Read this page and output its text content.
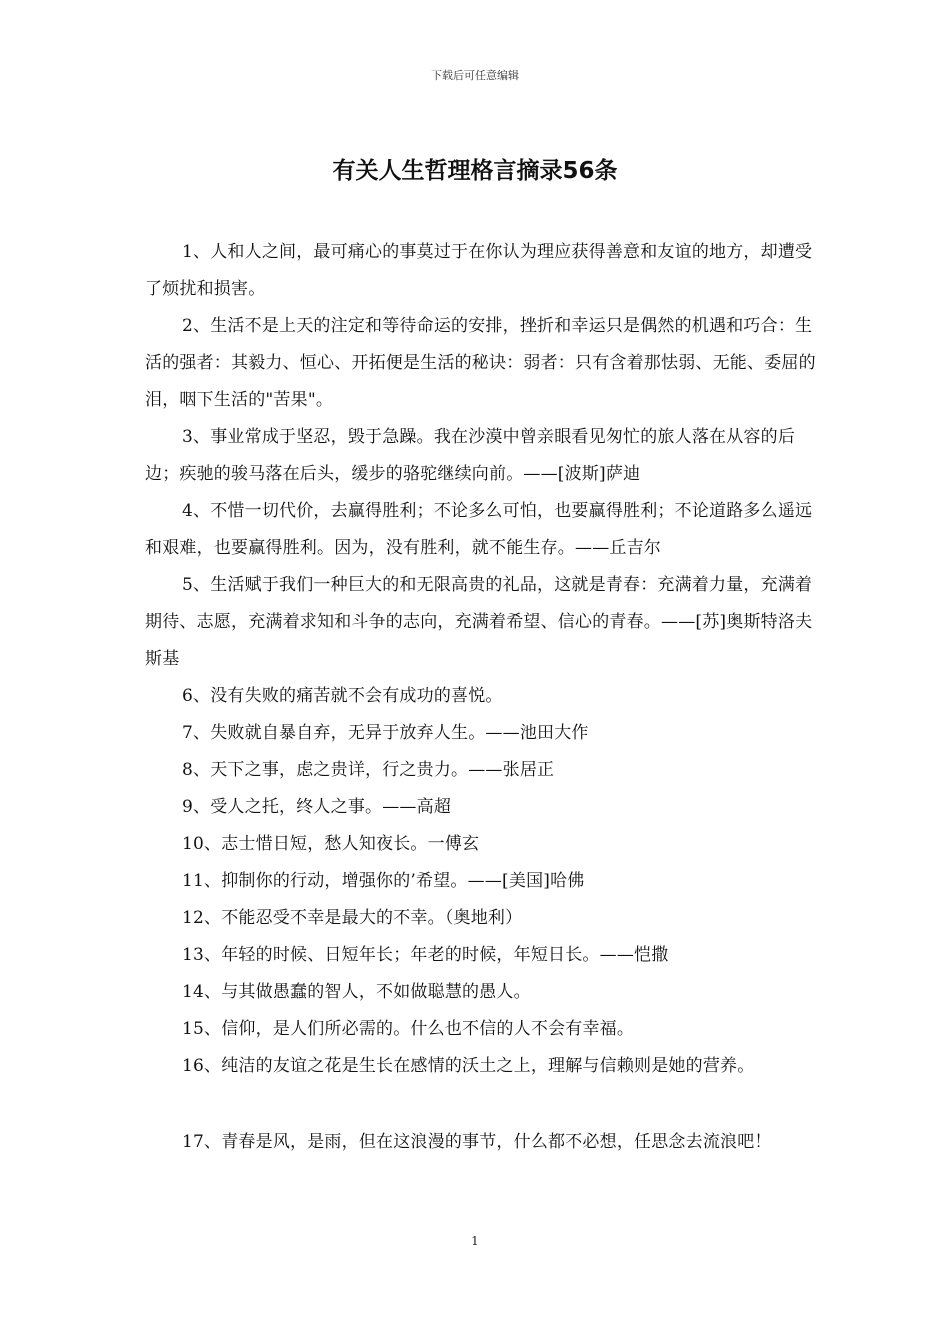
下载后可任意编辑
有关人生哲理格言摘录56条

1、人和人之间，最可痛心的事莫过于在你认为理应获得善意和友谊的地方，却遭受了烦扰和损害。

2、生活不是上天的注定和等待命运的安排，挫折和幸运只是偶然的机遇和巧合：生活的强者：其毅力、恒心、开拓便是生活的秘诀：弱者：只有含着那怯弱、无能、委屈的泪，咽下生活的"苦果"。

3、事业常成于坚忍，毁于急躁。我在沙漠中曾亲眼看见匆忙的旅人落在从容的后边；疾驰的骏马落在后头，缓步的骆驼继续向前。——[波斯]萨迪

4、不惜一切代价，去赢得胜利；不论多么可怕，也要赢得胜利；不论道路多么遥远和艰难，也要赢得胜利。因为，没有胜利，就不能生存。——丘吉尔

5、生活赋于我们一种巨大的和无限高贵的礼品，这就是青春：充满着力量，充满着期待、志愿，充满着求知和斗争的志向，充满着希望、信心的青春。——[苏]奥斯特洛夫斯基

6、没有失败的痛苦就不会有成功的喜悦。

7、失败就自暴自弃，无异于放弃人生。——池田大作

8、天下之事，虑之贵详，行之贵力。——张居正

9、受人之托，终人之事。——高超

10、志士惜日短，愁人知夜长。一傅玄

11、抑制你的行动，增强你的’希望。——[美国]哈佛

12、不能忍受不幸是最大的不幸。（奥地利）

13、年轻的时候、日短年长；年老的时候，年短日长。——恺撒

14、与其做愚蠢的智人，不如做聪慧的愚人。

15、信仰，是人们所必需的。什么也不信的人不会有幸福。

16、纯洁的友谊之花是生长在感情的沃土之上，理解与信赖则是她的营养。

17、青春是风，是雨，但在这浪漫的事节，什么都不必想，任思念去流浪吧！

1
